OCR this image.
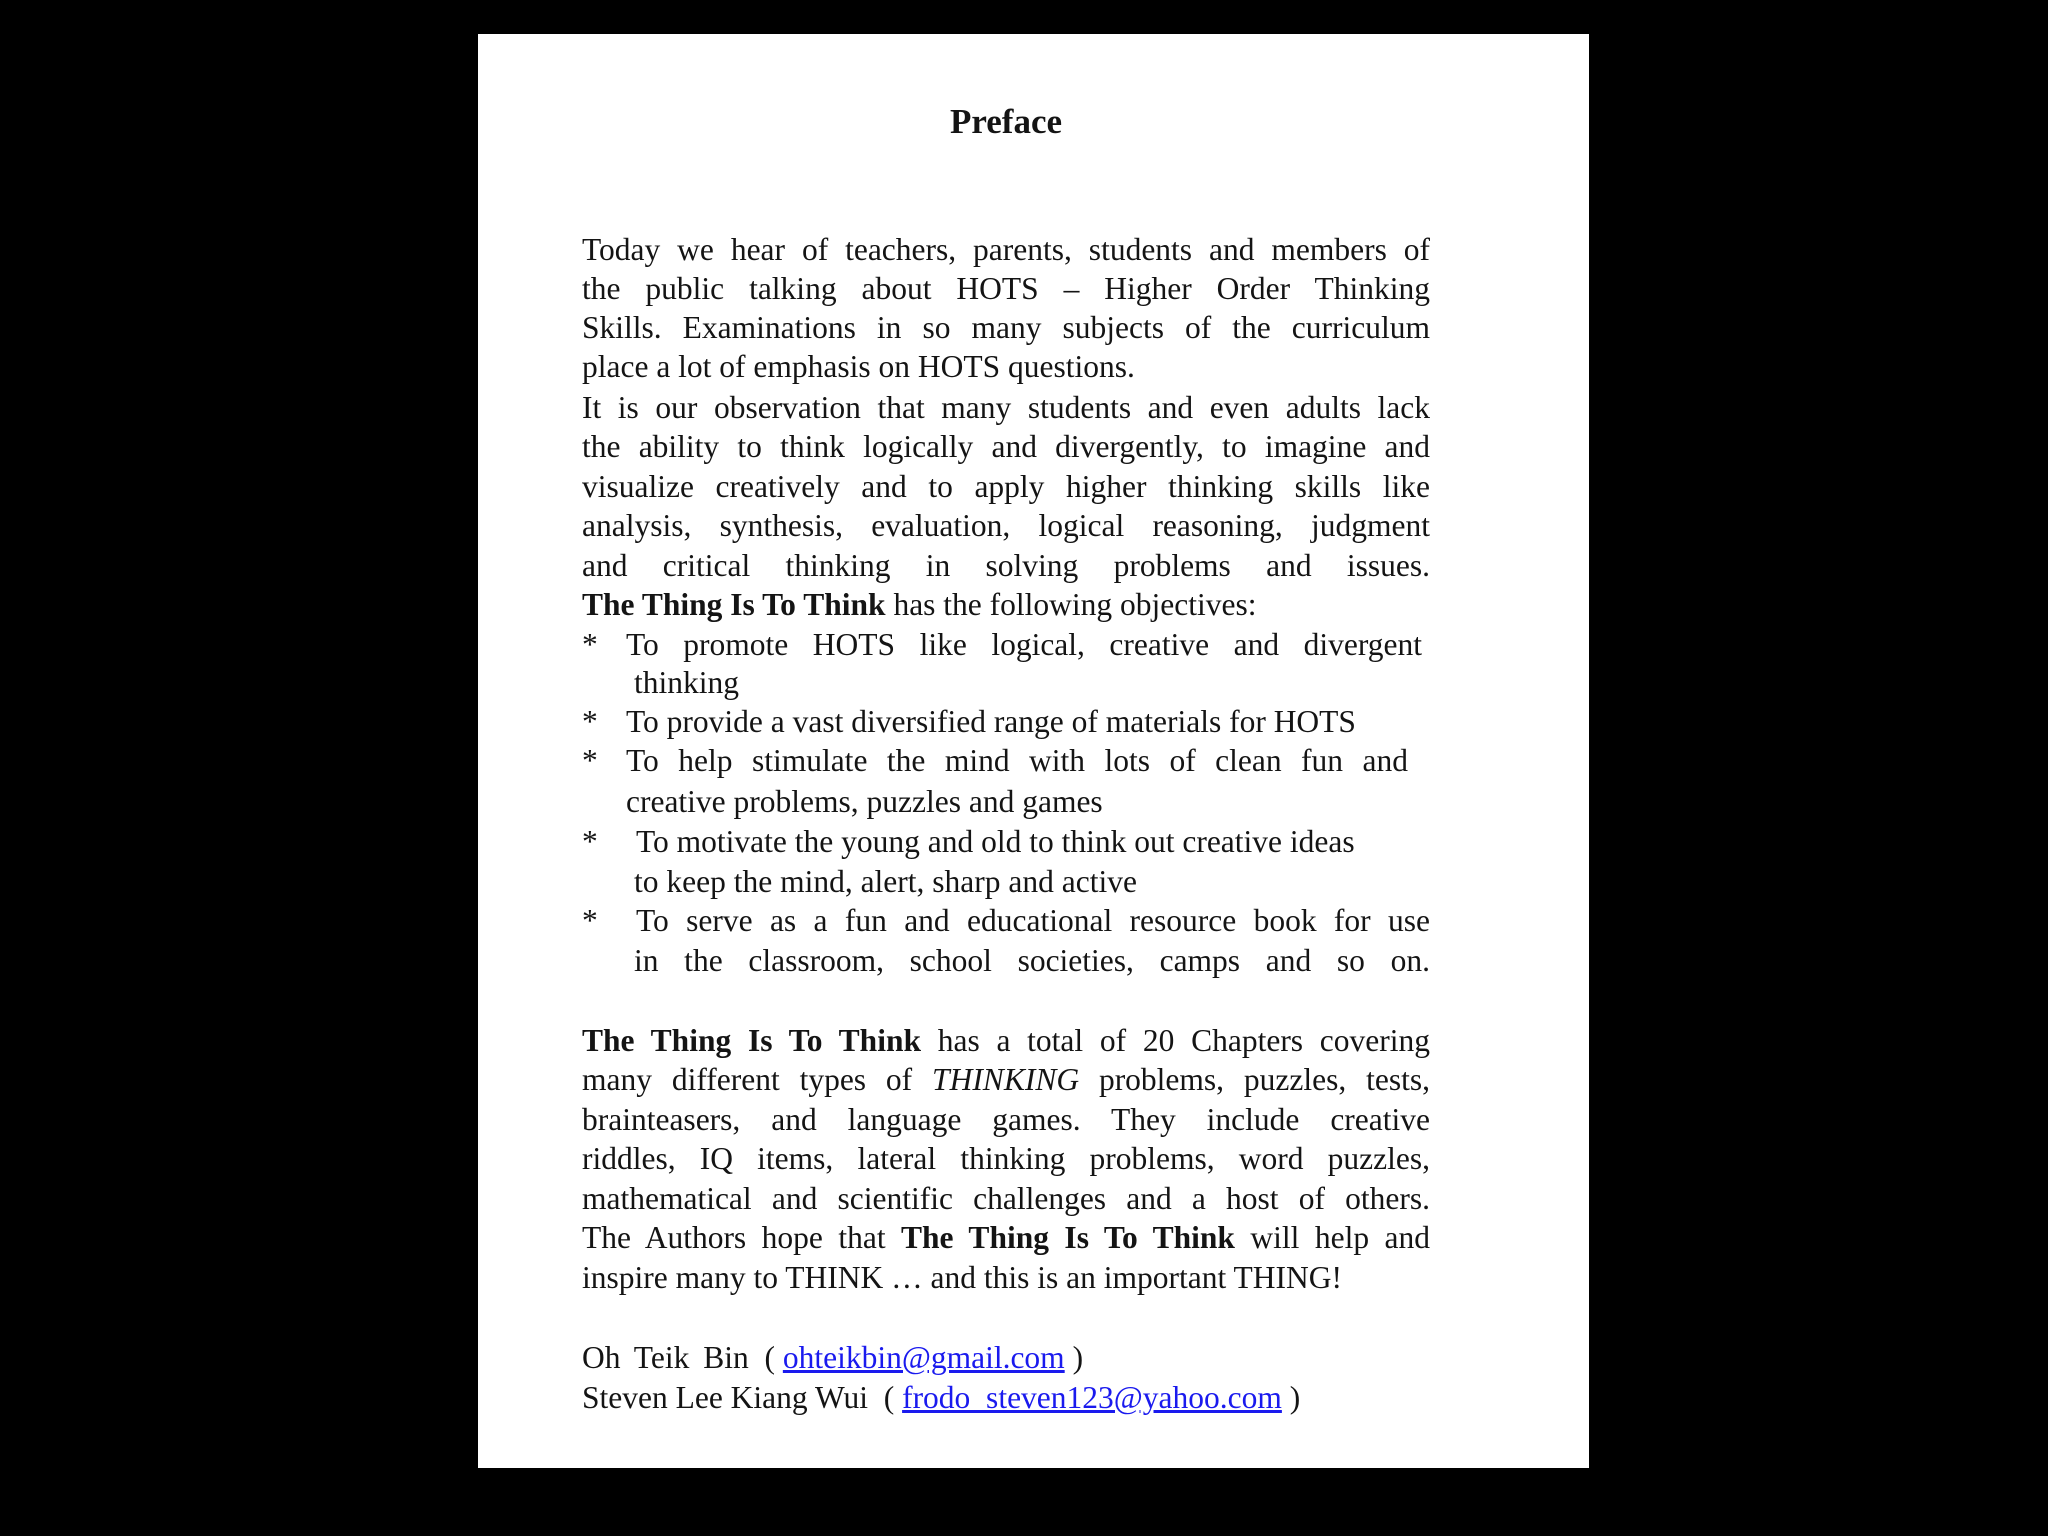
Preface
Today we hear of teachers, parents, students and members of
the public talking about HOTS – Higher Order Thinking
Skills. Examinations in so many subjects of the curriculum
place a lot of emphasis on HOTS questions.
It is our observation that many students and even adults lack
the ability to think logically and divergently, to imagine and
visualize creatively and to apply higher thinking skills like
analysis, synthesis, evaluation, logical reasoning, judgment
and critical thinking in solving problems and issues.
The Thing Is To Think has the following objectives:
* To promote HOTS like logical, creative and divergent
thinking
* To provide a vast diversified range of materials for HOTS
* To help stimulate the mind with lots of clean fun and
creative problems, puzzles and games
* To motivate the young and old to think out creative ideas
to keep the mind, alert, sharp and active
* To serve as a fun and educational resource book for use
in the classroom, school societies, camps and so on.
The Thing Is To Think has a total of 20 Chapters covering
many different types of THINKING problems, puzzles, tests,
brainteasers, and language games. They include creative
riddles, IQ items, lateral thinking problems, word puzzles,
mathematical and scientific challenges and a host of others.
The Authors hope that The Thing Is To Think will help and
inspire many to THINK … and this is an important THING!
Oh Teik Bin  ( ohteikbin@gmail.com )
Steven Lee Kiang Wui  ( frodo_steven123@yahoo.com )
